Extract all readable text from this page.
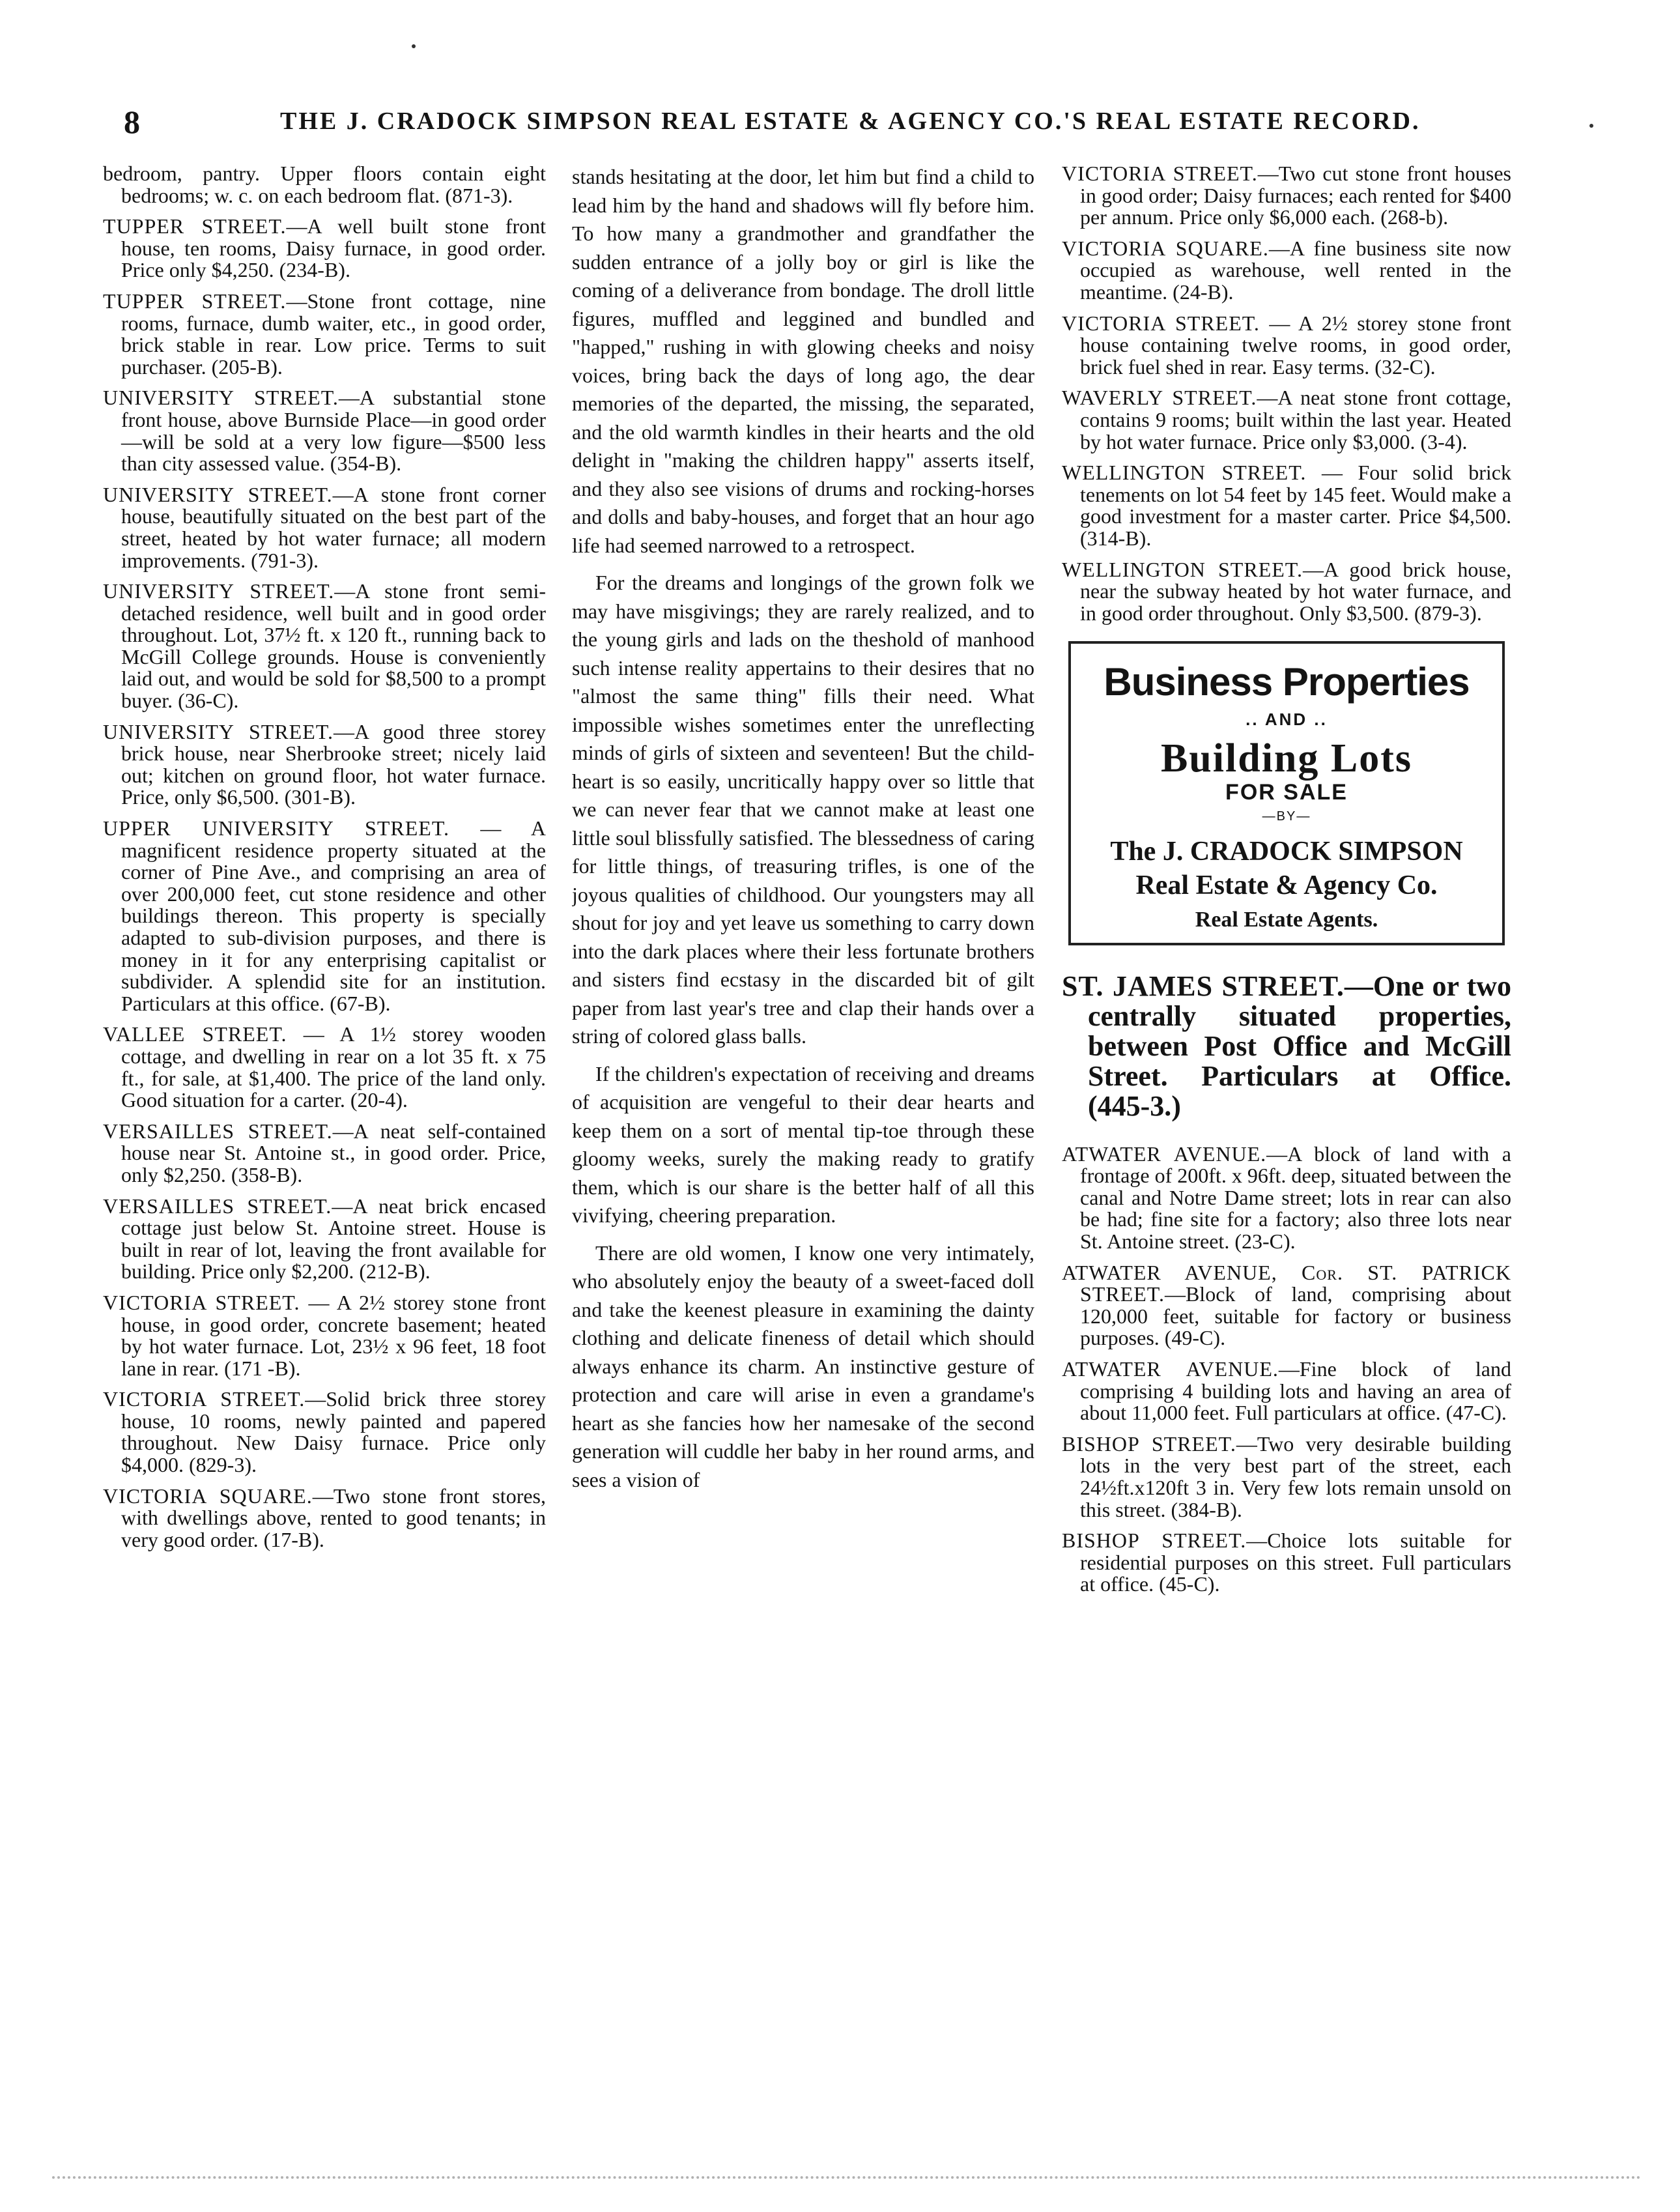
8	THE J. CRADOCK SIMPSON REAL ESTATE & AGENCY CO.'S REAL ESTATE RECORD.
bedroom, pantry. Upper floors contain eight bedrooms; w. c. on each bedroom flat. (871-3).
TUPPER STREET.—A well built stone front house, ten rooms, Daisy furnace, in good order. Price only $4,250. (234-B).
TUPPER STREET.—Stone front cottage, nine rooms, furnace, dumb waiter, etc., in good order, brick stable in rear. Low price. Terms to suit purchaser. (205-B).
UNIVERSITY STREET.—A substantial stone front house, above Burnside Place—in good order—will be sold at a very low figure—$500 less than city assessed value. (354-B).
UNIVERSITY STREET.—A stone front corner house, beautifully situated on the best part of the street, heated by hot water furnace; all modern improvements. (791-3).
UNIVERSITY STREET.—A stone front semi-detached residence, well built and in good order throughout. Lot, 37½ ft. x 120 ft., running back to McGill College grounds. House is conveniently laid out, and would be sold for $8,500 to a prompt buyer. (36-C).
UNIVERSITY STREET.—A good three storey brick house, near Sherbrooke street; nicely laid out; kitchen on ground floor, hot water furnace. Price, only $6,500. (301-B).
UPPER UNIVERSITY STREET. — A magnificent residence property situated at the corner of Pine Ave., and comprising an area of over 200,000 feet, cut stone residence and other buildings thereon. This property is specially adapted to sub-division purposes, and there is money in it for any enterprising capitalist or subdivider. A splendid site for an institution. Particulars at this office. (67-B).
VALLEE STREET. — A 1½ storey wooden cottage, and dwelling in rear on a lot 35 ft. x 75 ft., for sale, at $1,400. The price of the land only. Good situation for a carter. (20-4).
VERSAILLES STREET.—A neat self-contained house near St. Antoine st., in good order. Price, only $2,250. (358-B).
VERSAILLES STREET.—A neat brick encased cottage just below St. Antoine street. House is built in rear of lot, leaving the front available for building. Price only $2,200. (212-B).
VICTORIA STREET. — A 2½ storey stone front house, in good order, concrete basement; heated by hot water furnace. Lot, 23½ x 96 feet, 18 foot lane in rear. (171 -B).
VICTORIA STREET.—Solid brick three storey house, 10 rooms, newly painted and papered throughout. New Daisy furnace. Price only $4,000. (829-3).
VICTORIA SQUARE.—Two stone front stores, with dwellings above, rented to good tenants; in very good order. (17-B).

stands hesitating at the door, let him but find a child to lead him by the hand and shadows will fly before him. To how many a grandmother and grandfather the sudden entrance of a jolly boy or girl is like the coming of a deliverance from bondage. The droll little figures, muffled and leggined and bundled and "happed," rushing in with glowing cheeks and noisy voices, bring back the days of long ago, the dear memories of the departed, the missing, the separated, and the old warmth kindles in their hearts and the old delight in "making the children happy" asserts itself, and they also see visions of drums and rocking-horses and dolls and baby-houses, and forget that an hour ago life had seemed narrowed to a retrospect.

For the dreams and longings of the grown folk we may have misgivings; they are rarely realized, and to the young girls and lads on the theshold of manhood such intense reality appertains to their desires that no "almost the same thing" fills their need. What impossible wishes sometimes enter the unreflecting minds of girls of sixteen and seventeen! But the child-heart is so easily, uncritically happy over so little that we can never fear that we cannot make at least one little soul blissfully satisfied. The blessedness of caring for little things, of treasuring trifles, is one of the joyous qualities of childhood. Our youngsters may all shout for joy and yet leave us something to carry down into the dark places where their less fortunate brothers and sisters find ecstasy in the discarded bit of gilt paper from last year's tree and clap their hands over a string of colored glass balls.

If the children's expectation of receiving and dreams of acquisition are vengeful to their dear hearts and keep them on a sort of mental tip-toe through these gloomy weeks, surely the making ready to gratify them, which is our share is the better half of all this vivifying, cheering preparation.

There are old women, I know one very intimately, who absolutely enjoy the beauty of a sweet-faced doll and take the keenest pleasure in examining the dainty clothing and delicate fineness of detail which should always enhance its charm. An instinctive gesture of protection and care will arise in even a grandame's heart as she fancies how her namesake of the second generation will cuddle her baby in her round arms, and sees a vision of

VICTORIA STREET.—Two cut stone front houses in good order; Daisy furnaces; each rented for $400 per annum. Price only $6,000 each. (268-b).
VICTORIA SQUARE.—A fine business site now occupied as warehouse, well rented in the meantime. (24-B).
VICTORIA STREET. — A 2½ storey stone front house containing twelve rooms, in good order, brick fuel shed in rear. Easy terms. (32-C).
WAVERLY STREET.—A neat stone front cottage, contains 9 rooms; built within the last year. Heated by hot water furnace. Price only $3,000. (3-4).
WELLINGTON STREET. — Four solid brick tenements on lot 54 feet by 145 feet. Would make a good investment for a master carter. Price $4,500. (314-B).
WELLINGTON STREET.—A good brick house, near the subway heated by hot water furnace, and in good order throughout. Only $3,500. (879-3).
Business Properties
.. AND ..
Building Lots
FOR SALE
—BY—
The J. CRADOCK SIMPSON
Real Estate & Agency Co.
Real Estate Agents.
ST. JAMES STREET.—One or two centrally situated properties, between Post Office and McGill Street. Particulars at Office. (445-3.)
ATWATER AVENUE.—A block of land with a frontage of 200ft. x 96ft. deep, situated between the canal and Notre Dame street; lots in rear can also be had; fine site for a factory; also three lots near St. Antoine street. (23-C).
ATWATER AVENUE, Cor. ST. PATRICK STREET.—Block of land, comprising about 120,000 feet, suitable for factory or business purposes. (49-C).
ATWATER AVENUE.—Fine block of land comprising 4 building lots and having an area of about 11,000 feet. Full particulars at office. (47-C).
BISHOP STREET.—Two very desirable building lots in the very best part of the street, each 24½ft.x120ft 3 in. Very few lots remain unsold on this street. (384-B).
BISHOP STREET.—Choice lots suitable for residential purposes on this street. Full particulars at office. (45-C).
